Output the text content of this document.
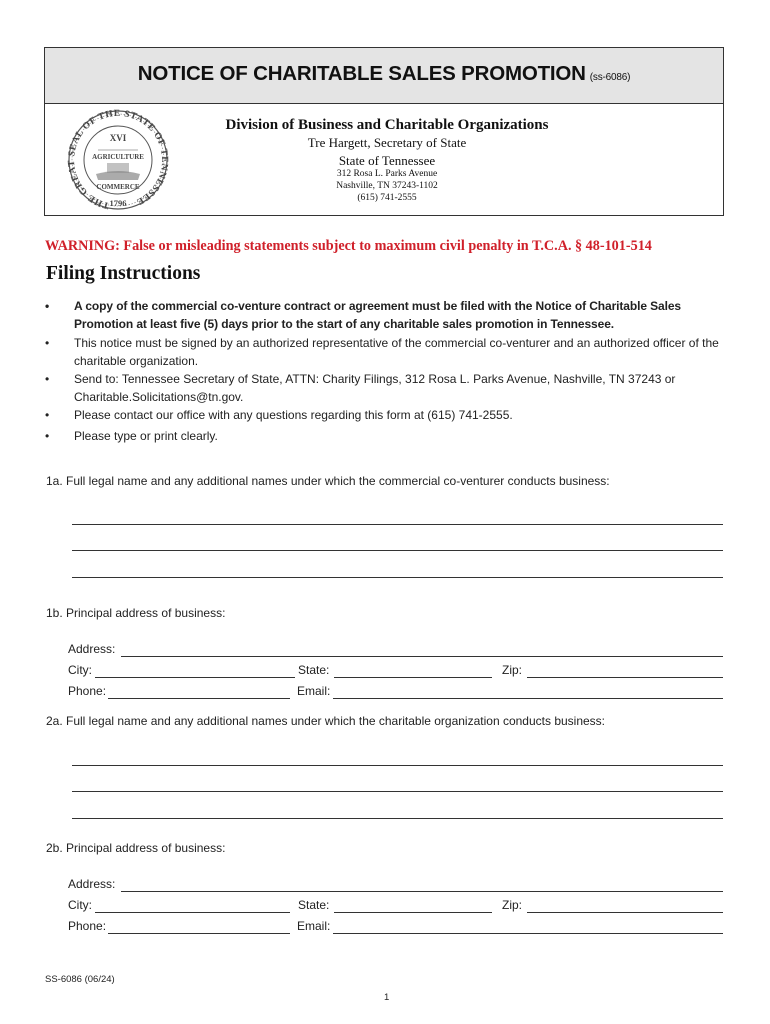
NOTICE OF CHARITABLE SALES PROMOTION (ss-6086)
THE GREAT SEAL OF THE STATE OF TENNESSEE
XVI
AGRICULTURE
COMMERCE
1796
Division of Business and Charitable Organizations
Tre Hargett, Secretary of State
State of Tennessee
312 Rosa L. Parks Avenue
Nashville, TN 37243-1102
(615) 741-2555
WARNING: False or misleading statements subject to maximum civil penalty in T.C.A. § 48-101-514
Filing Instructions
• A copy of the commercial co-venture contract or agreement must be filed with the Notice of Charitable Sales Promotion at least five (5) days prior to the start of any charitable sales promotion in Tennessee.
• This notice must be signed by an authorized representative of the commercial co-venturer and an authorized officer of the charitable organization.
• Send to: Tennessee Secretary of State, ATTN: Charity Filings, 312 Rosa L. Parks Avenue, Nashville, TN 37243 or Charitable.Solicitations@tn.gov.
• Please contact our office with any questions regarding this form at (615) 741-2555.
• Please type or print clearly.
1a. Full legal name and any additional names under which the commercial co-venturer conducts business:
1b. Principal address of business:
Address:
City:	State:	Zip:
Phone:	Email:
2a. Full legal name and any additional names under which the charitable organization conducts business:
2b. Principal address of business:
Address:
City:	State:	Zip:
Phone:	Email:
SS-6086 (06/24)
1
